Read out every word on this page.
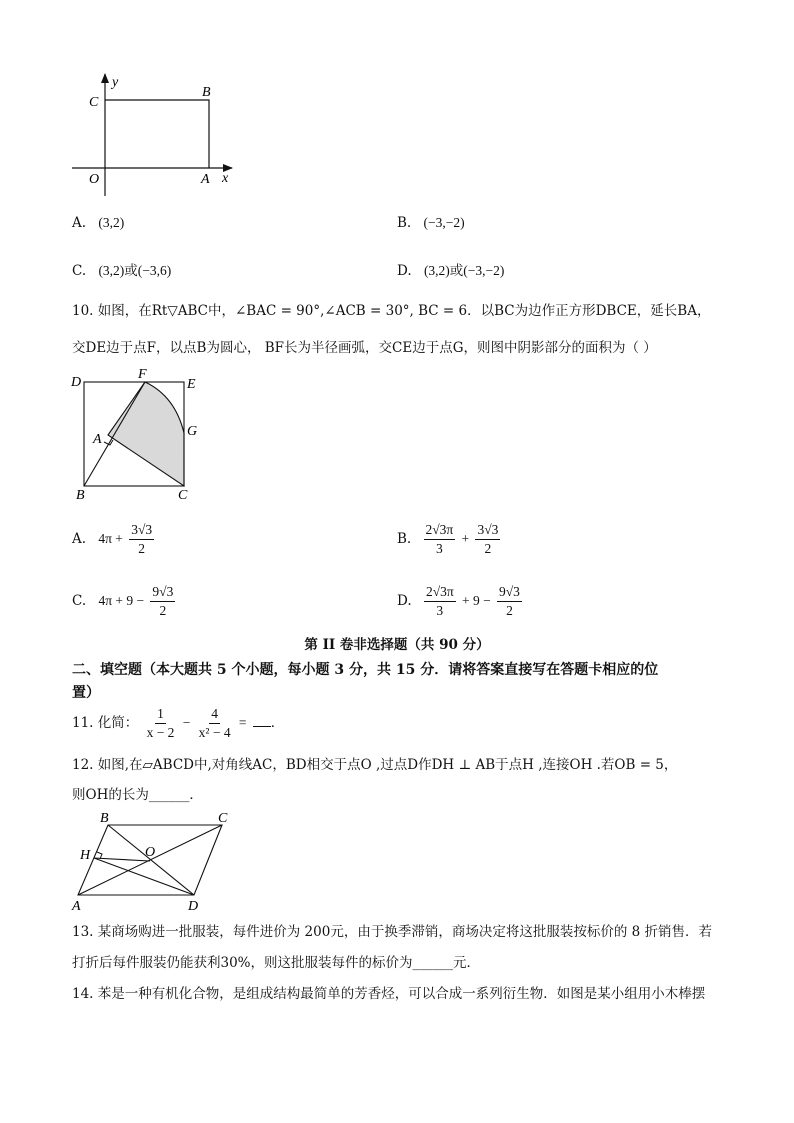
y
C
B
O	A x
A. (3,2)	B. (−3,−2)
C. (3,2)或(−3,6)	D. (3,2)或(−3,−2)
10. 如图，在Rt▽ABC中，∠BAC = 90°,∠ACB = 30°, BC = 6．以BC为边作正方形DBCE，延长BA，
交DE边于点F，以点B为圆心， BF长为半径画弧，交CE边于点G，则图中阴影部分的面积为（ ）
D
F
E
A
G
B	C
A. $4\pi + \frac{3√3}{2}$	B. $\frac{2√3\pi}{3} + \frac{3√3}{2}$
C. $4\pi + 9 - \frac{9√3}{2}$	D. $\frac{2√3\pi}{3} + 9 - \frac{9√3}{2}$
第 II 卷非选择题（共 90 分）
二、填空题（本大题共 5 个小题，每小题 3 分，共 15 分．请将答案直接写在答题卡相应的位
置）
11. 化简： $\frac{1}{x - 2} - \frac{4}{\text{x² − 4}}$ = ．
12. 如图,在▱ABCD中,对角线AC，BD相交于点O ,过点D作DH ⊥ AB于点H ,连接OH .若OB = 5，
则OH的长为______．
B	C
H	O
A	D
13. 某商场购进一批服装，每件进价为 200元，由于换季滞销，商场决定将这批服装按标价的 8 折销售．若
打折后每件服装仍能获利30%，则这批服装每件的标价为______元．
14. 苯是一种有机化合物，是组成结构最简单的芳香烃，可以合成一系列衍生物．如图是某小组用小木棒摆
